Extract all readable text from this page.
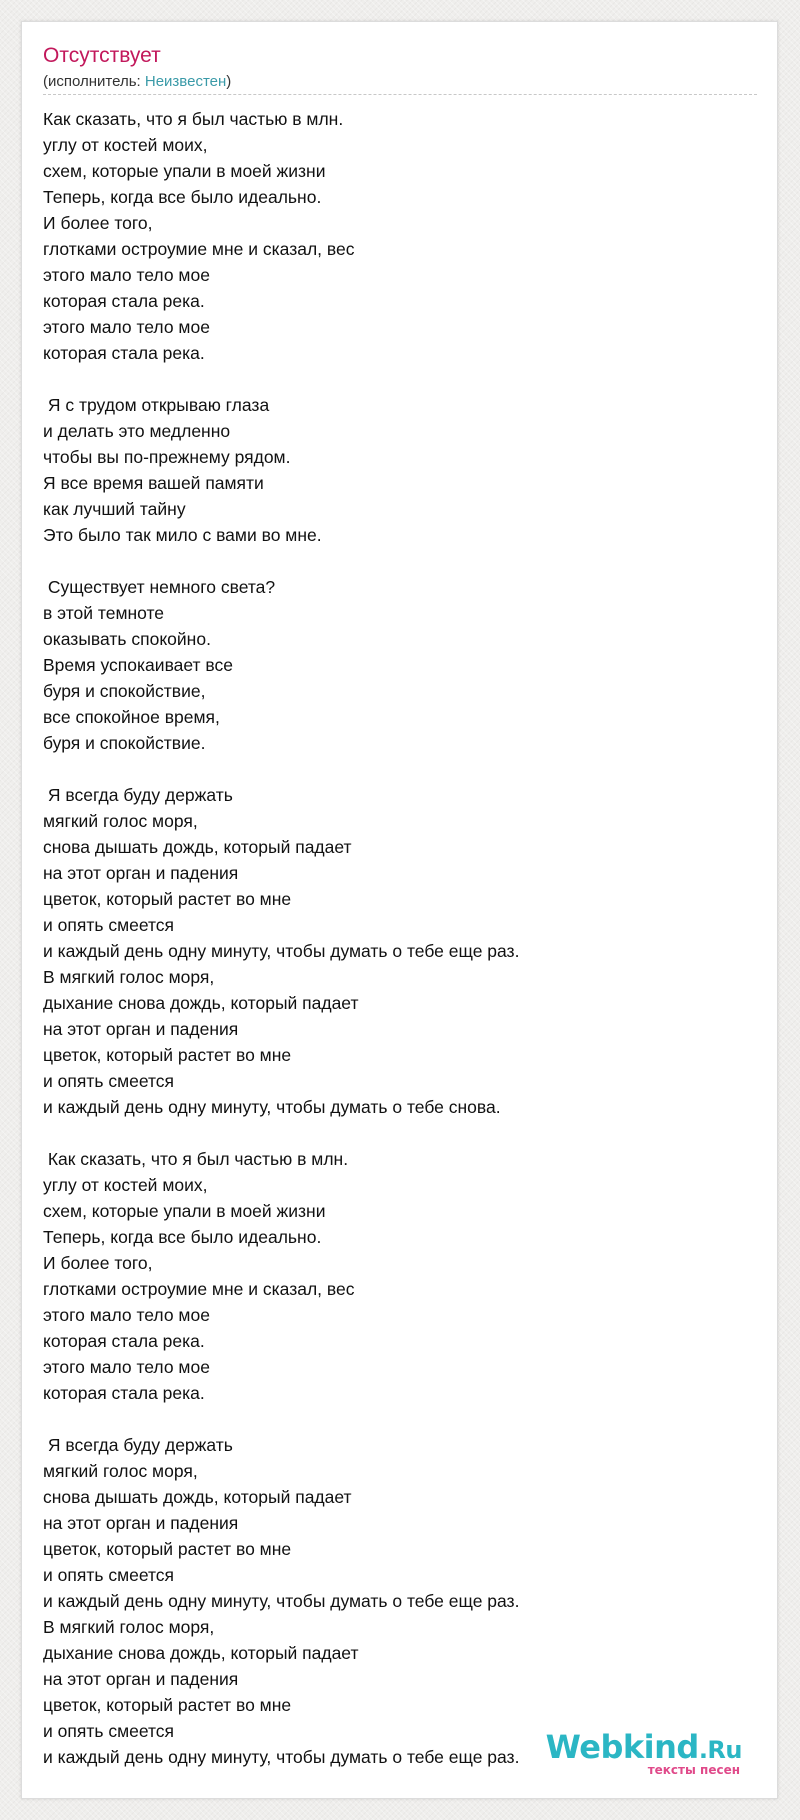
Отсутствует
(исполнитель: Неизвестен)
Как сказать, что я был частью в млн.
углу от костей моих,
схем, которые упали в моей жизни
Теперь, когда все было идеально.
И более того,
глотками остроумие мне и сказал, вес
этого мало тело мое
которая стала река.
этого мало тело мое
которая стала река.
Я с трудом открываю глаза
и делать это медленно
чтобы вы по-прежнему рядом.
Я все время вашей памяти
как лучший тайну
Это было так мило с вами во мне.
Существует немного света?
в этой темноте
оказывать спокойно.
Время успокаивает все
буря и спокойствие,
все спокойное время,
буря и спокойствие.
Я всегда буду держать
мягкий голос моря,
снова дышать дождь, который падает
на этот орган и падения
цветок, который растет во мне
и опять смеется
и каждый день одну минуту, чтобы думать о тебе еще раз.
В мягкий голос моря,
дыхание снова дождь, который падает
на этот орган и падения
цветок, который растет во мне
и опять смеется
и каждый день одну минуту, чтобы думать о тебе снова.
Как сказать, что я был частью в млн.
углу от костей моих,
схем, которые упали в моей жизни
Теперь, когда все было идеально.
И более того,
глотками остроумие мне и сказал, вес
этого мало тело мое
которая стала река.
этого мало тело мое
которая стала река.
Я всегда буду держать
мягкий голос моря,
снова дышать дождь, который падает
на этот орган и падения
цветок, который растет во мне
и опять смеется
и каждый день одну минуту, чтобы думать о тебе еще раз.
В мягкий голос моря,
дыхание снова дождь, который падает
на этот орган и падения
цветок, который растет во мне
и опять смеется
и каждый день одну минуту, чтобы думать о тебе еще раз. Webkind.Ru
тексты песен
